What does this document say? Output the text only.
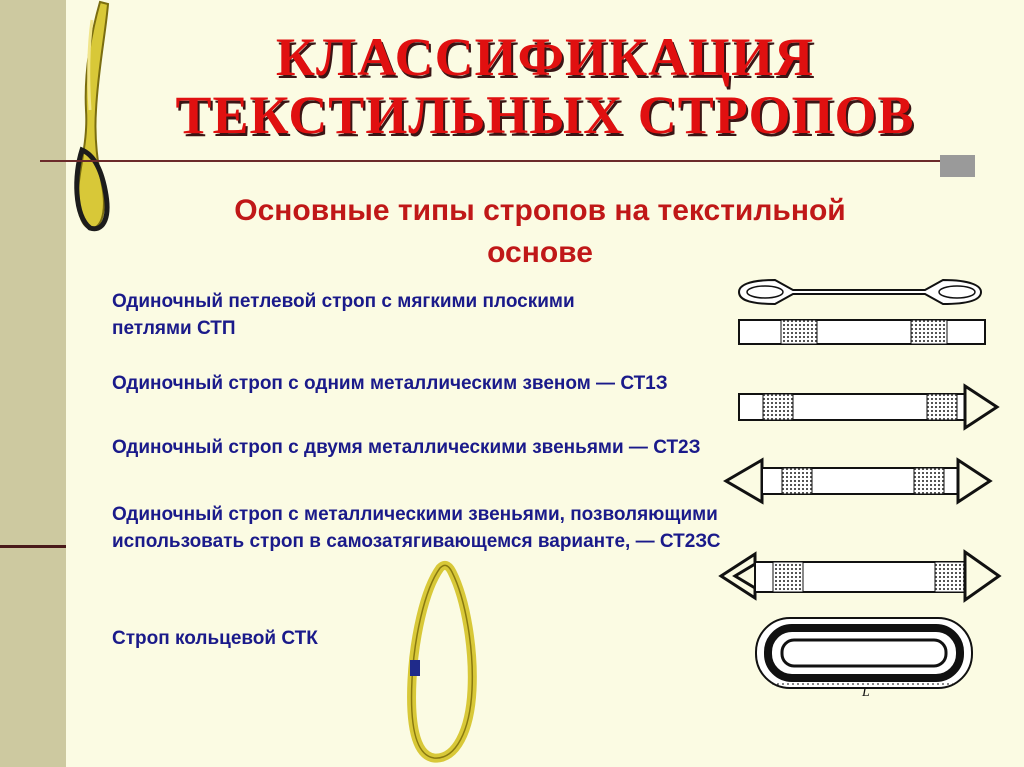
КЛАССИФИКАЦИЯ
ТЕКСТИЛЬНЫХ СТРОПОВ
Основные типы стропов на текстильной
основе

Одиночный петлевой строп с мягкими плоскими
петлями СТП

Одиночный строп с одним металлическим звеном — СТ1З

Одиночный строп с двумя металлическими звеньями — СТ2З

Одиночный строп с металлическими звеньями, позволяющими
использовать строп в самозатягивающемся варианте, — СТ2ЗС

Строп кольцевой СТК

L
